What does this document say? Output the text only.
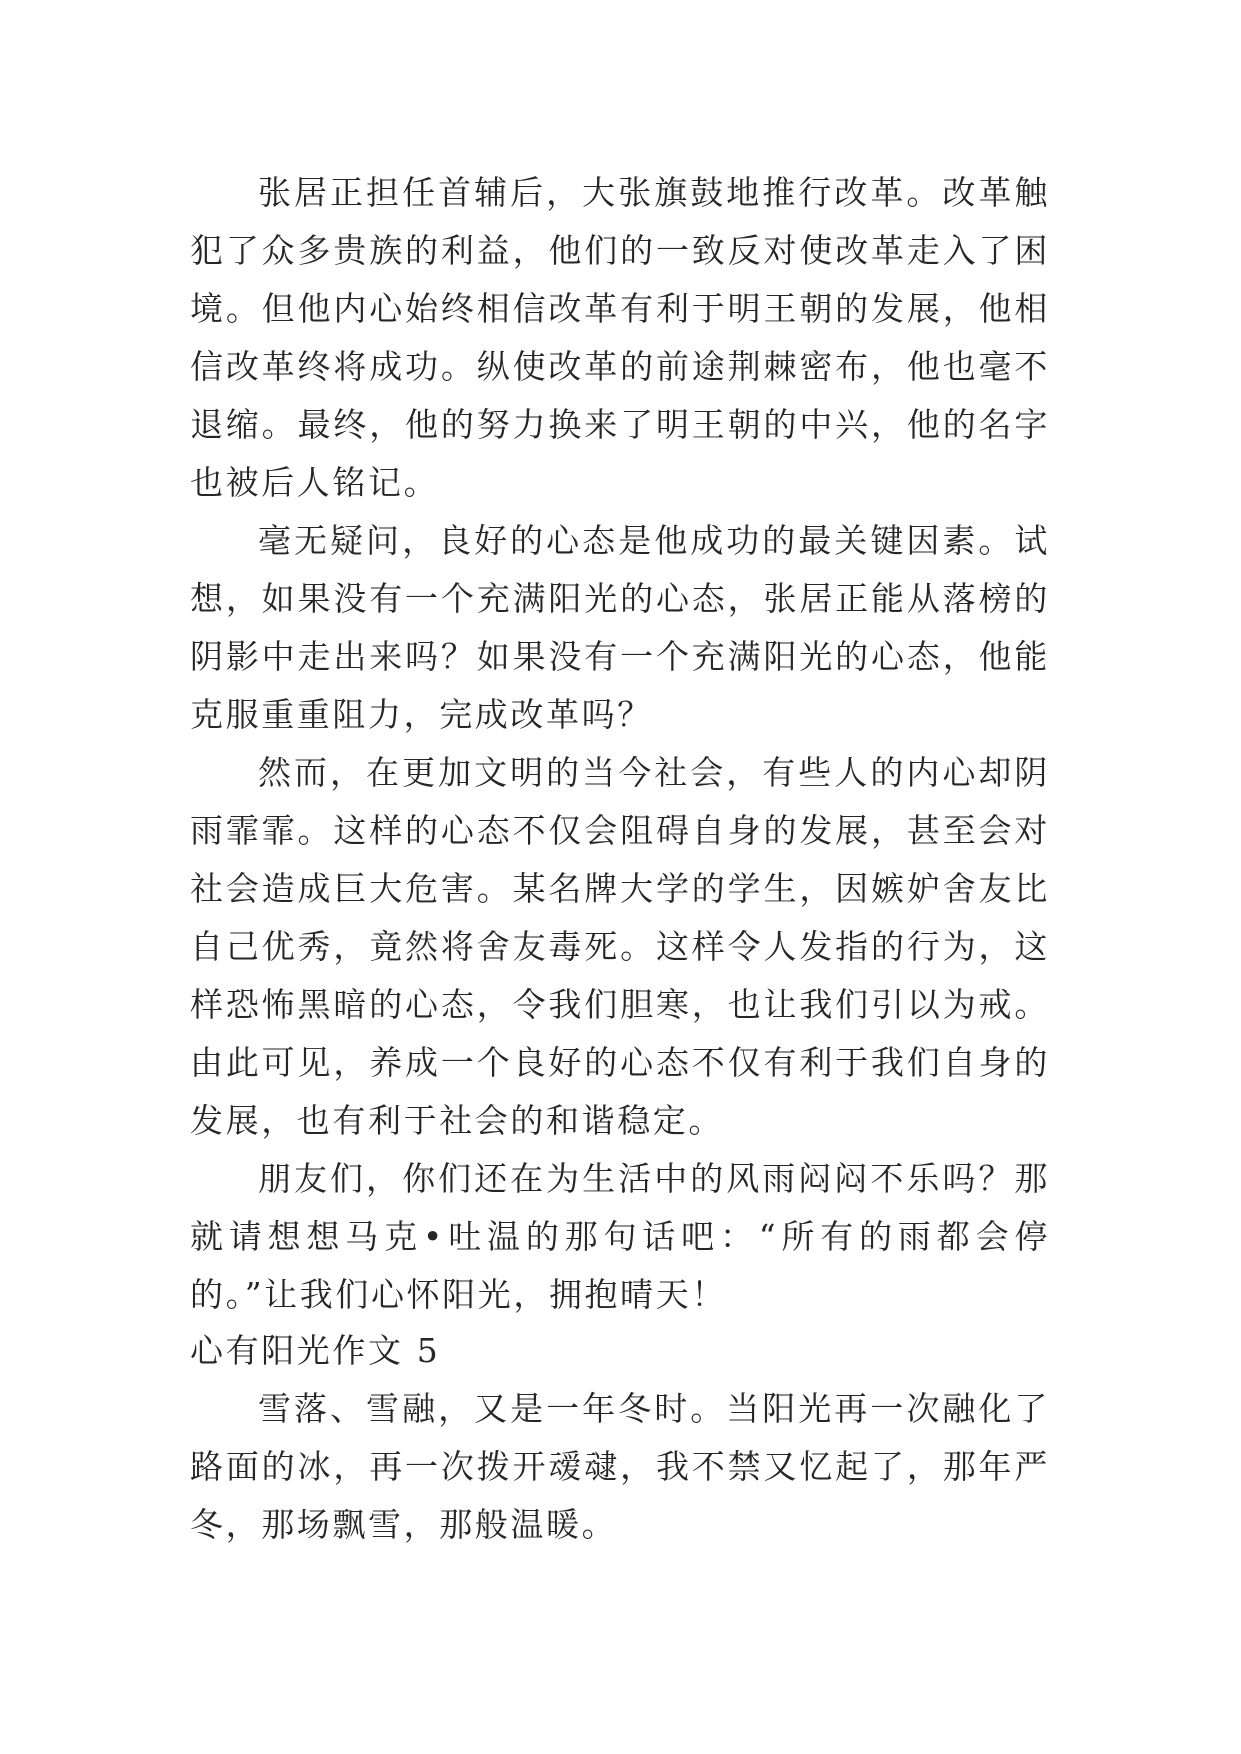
张居正担任首辅后，大张旗鼓地推行改革。改革触犯了众多贵族的利益，他们的一致反对使改革走入了困境。但他内心始终相信改革有利于明王朝的发展，他相信改革终将成功。纵使改革的前途荆棘密布，他也毫不退缩。最终，他的努力换来了明王朝的中兴，他的名字也被后人铭记。

毫无疑问，良好的心态是他成功的最关键因素。试想，如果没有一个充满阳光的心态，张居正能从落榜的阴影中走出来吗？如果没有一个充满阳光的心态，他能克服重重阻力，完成改革吗？

然而，在更加文明的当今社会，有些人的内心却阴雨霏霏。这样的心态不仅会阻碍自身的发展，甚至会对社会造成巨大危害。某名牌大学的学生，因嫉妒舍友比自己优秀，竟然将舍友毒死。这样令人发指的行为，这样恐怖黑暗的心态，令我们胆寒，也让我们引以为戒。由此可见，养成一个良好的心态不仅有利于我们自身的发展，也有利于社会的和谐稳定。

朋友们，你们还在为生活中的风雨闷闷不乐吗？那就请想想马克•吐温的那句话吧：“所有的雨都会停的。”让我们心怀阳光，拥抱晴天！

心有阳光作文 5

雪落、雪融，又是一年冬时。当阳光再一次融化了路面的冰，再一次拨开叆叇，我不禁又忆起了，那年严冬，那场飘雪，那般温暖。
